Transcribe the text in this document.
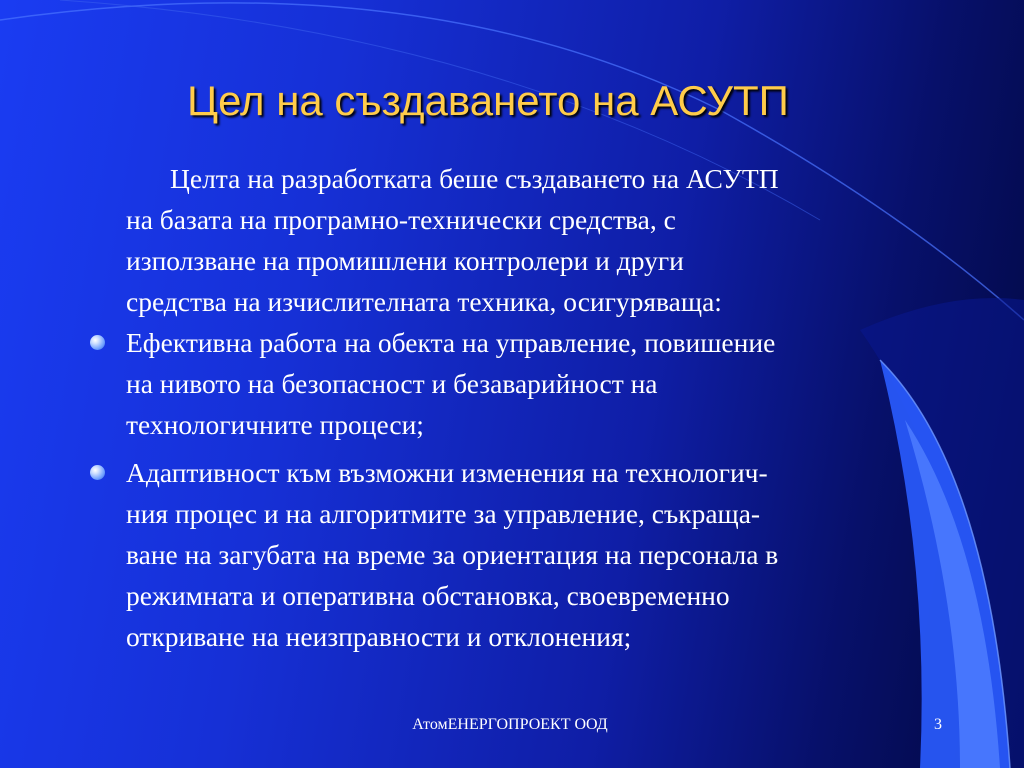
Цел на създаването на АСУТП

Целта на разработката беше създаването на АСУТП
на базата на програмно-технически средства, с
използване на промишлени контролери и други
средства на изчислителната техника, осигуряваща:

Ефективна работа на обекта на управление, повишение
на нивото на безопасност и безаварийност на
технологичните процеси;
Адаптивност към възможни изменения на технологич-
ния процес и на алгоритмите за управление, съкраща-
ване на загубата на време за ориентация на персонала в
режимната и оперативна обстановка, своевременно
откриване на неизправности и отклонения;
АтомЕНЕРГОПРОЕКТ ООД	3
